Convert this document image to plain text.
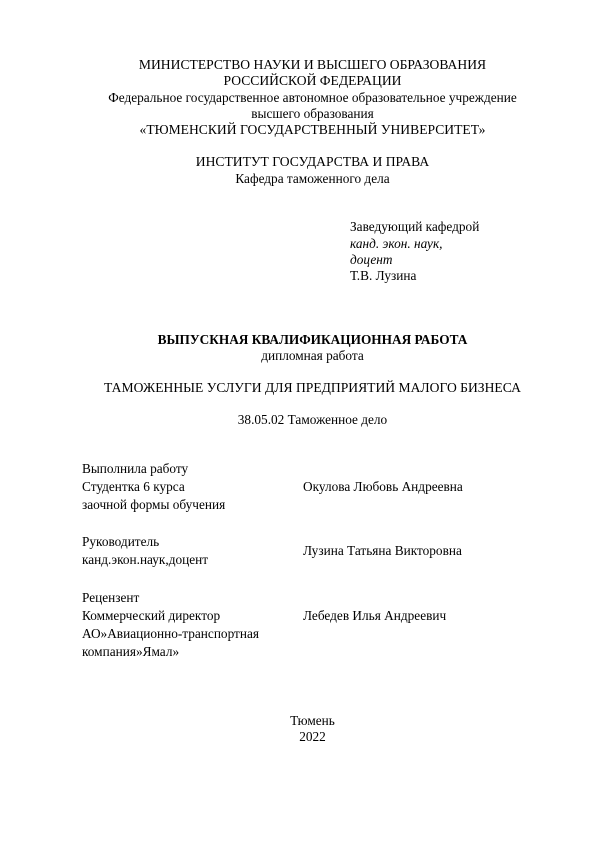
МИНИСТЕРСТВО НАУКИ И ВЫСШЕГО ОБРАЗОВАНИЯ
РОССИЙСКОЙ ФЕДЕРАЦИИ
Федеральное государственное автономное образовательное учреждение
высшего образования
«ТЮМЕНСКИЙ ГОСУДАРСТВЕННЫЙ УНИВЕРСИТЕТ»
ИНСТИТУТ ГОСУДАРСТВА И ПРАВА
Кафедра таможенного дела
Заведующий кафедрой
канд. экон. наук,
доцент
Т.В. Лузина
ВЫПУСКНАЯ КВАЛИФИКАЦИОННАЯ РАБОТА
дипломная работа
ТАМОЖЕННЫЕ УСЛУГИ ДЛЯ ПРЕДПРИЯТИЙ МАЛОГО БИЗНЕСА
38.05.02 Таможенное дело
Выполнила работу
Студентка 6 курса
заочной формы обучения
Окулова Любовь Андреевна
Руководитель
канд.экон.наук,доцент
Лузина Татьяна Викторовна
Рецензент
Коммерческий директор
АО»Авиационно-транспортная
компания»Ямал»
Лебедев Илья Андреевич
Тюмень
2022
